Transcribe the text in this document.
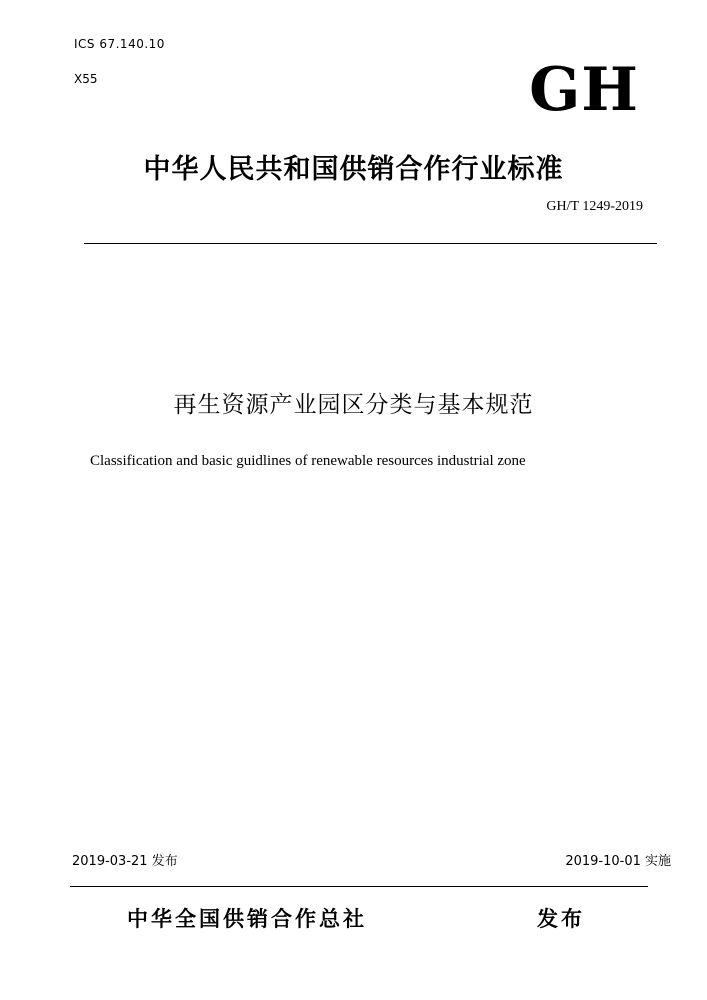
ICS 67.140.10
X55	GH
中华人民共和国供销合作行业标准
GH/T 1249-2019
再生资源产业园区分类与基本规范
Classification and basic guidlines of renewable resources industrial zone
2019-03-21 发布	2019-10-01 实施
中华全国供销合作总社	发布
